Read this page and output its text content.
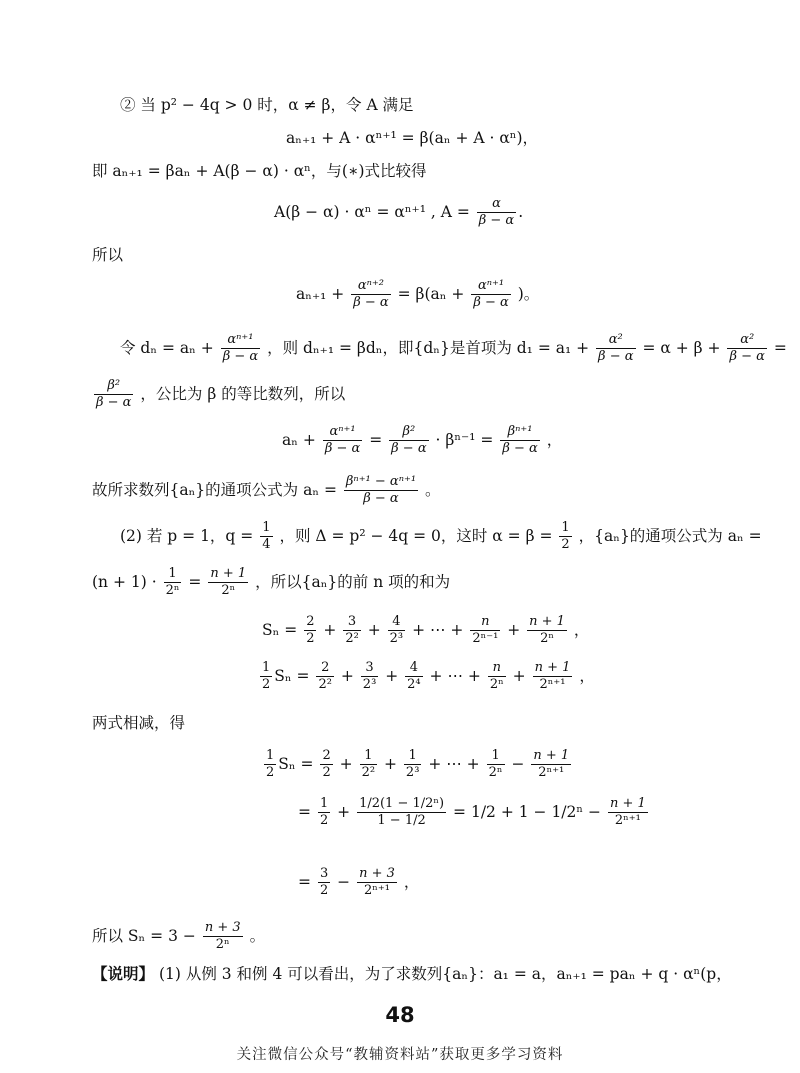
② 当 p² − 4q > 0 时，α ≠ β，令 A 满足
aₙ₊₁ + A · αⁿ⁺¹ = β(aₙ + A · αⁿ)，
即 aₙ₊₁ = βaₙ + A(β − α) · αⁿ，与(∗)式比较得
A(β − α) · αⁿ = αⁿ⁺¹ , $A = \frac{\alpha}{\beta - \alpha}$ .
所以
$a_{n+1} + \frac{\text{αⁿ⁺²}}{\beta - \alpha} = \beta(a_n + \frac{\text{αⁿ⁺¹}}{\beta - \alpha}$ )。
令 $d_n = a_n + \frac{\text{αⁿ⁺¹}}{\beta - \alpha}$ ，则 dₙ₊₁ = βdₙ，即{dₙ}是首项为 $d_1 = a_1 + \frac{\text{α²}}{\beta - \alpha} = \alpha + \beta + \frac{\text{α²}}{\beta - \alpha}$ =
$\frac{\text{β²}}{\beta - \alpha}$ ，公比为 β 的等比数列，所以
$a_n + \frac{\text{αⁿ⁺¹}}{\beta - \alpha} = \frac{\text{β²}}{\beta - \alpha} \cdot \beta^{n-1} = \frac{\text{βⁿ⁺¹}}{\beta - \alpha}$ ，
故所求数列{aₙ}的通项公式为 $a_n = \frac{\text{βⁿ⁺¹ − αⁿ⁺¹}}{\beta - \alpha}$ 。
(2) 若 p = 1，$q = \frac{1}{4}$ ，则 Δ = p² − 4q = 0，这时 $\alpha = \beta = \frac{1}{2}$ ，{aₙ}的通项公式为 aₙ =
$(n + 1) \cdot \frac{1}{\text{2ⁿ}} = \frac{n + 1}{\text{2ⁿ}}$ ，所以{aₙ}的前 n 项的和为
$S_n = \frac{2}{2} + \frac{3}{\text{2²}} + \frac{4}{\text{2³}}$ + ⋯ + $\frac{n}{\text{2ⁿ⁻¹}} + \frac{n + 1}{\text{2ⁿ}}$ ，
$\frac{1}{2}$ $S_n = \frac{2}{\text{2²}} + \frac{3}{\text{2³}} + \frac{4}{\text{2⁴}}$ + ⋯ + $\frac{n}{\text{2ⁿ}} + \frac{n + 1}{\text{2ⁿ⁺¹}}$ ，
两式相减，得
$\frac{1}{2}$ $S_n = \frac{2}{2} + \frac{1}{\text{2²}} + \frac{1}{\text{2³}}$ + ⋯ + $\frac{1}{\text{2ⁿ}} - \frac{n + 1}{\text{2ⁿ⁺¹}}$
= $\frac{1}{2} + \frac{\text{1/2(1 − 1/2ⁿ)}}{1 - 1/2} = 1/2 + 1 - 1/2^n - \frac{n + 1}{\text{2ⁿ⁺¹}}$
= $\frac{3}{2} - \frac{n + 3}{\text{2ⁿ⁺¹}}$ ，
所以 $S_n = 3 - \frac{n + 3}{\text{2ⁿ}}$ 。
【说明】 (1) 从例 3 和例 4 可以看出，为了求数列{aₙ}：a₁ = a，aₙ₊₁ = paₙ + q · αⁿ(p，
48
关注微信公众号“教辅资料站”获取更多学习资料
